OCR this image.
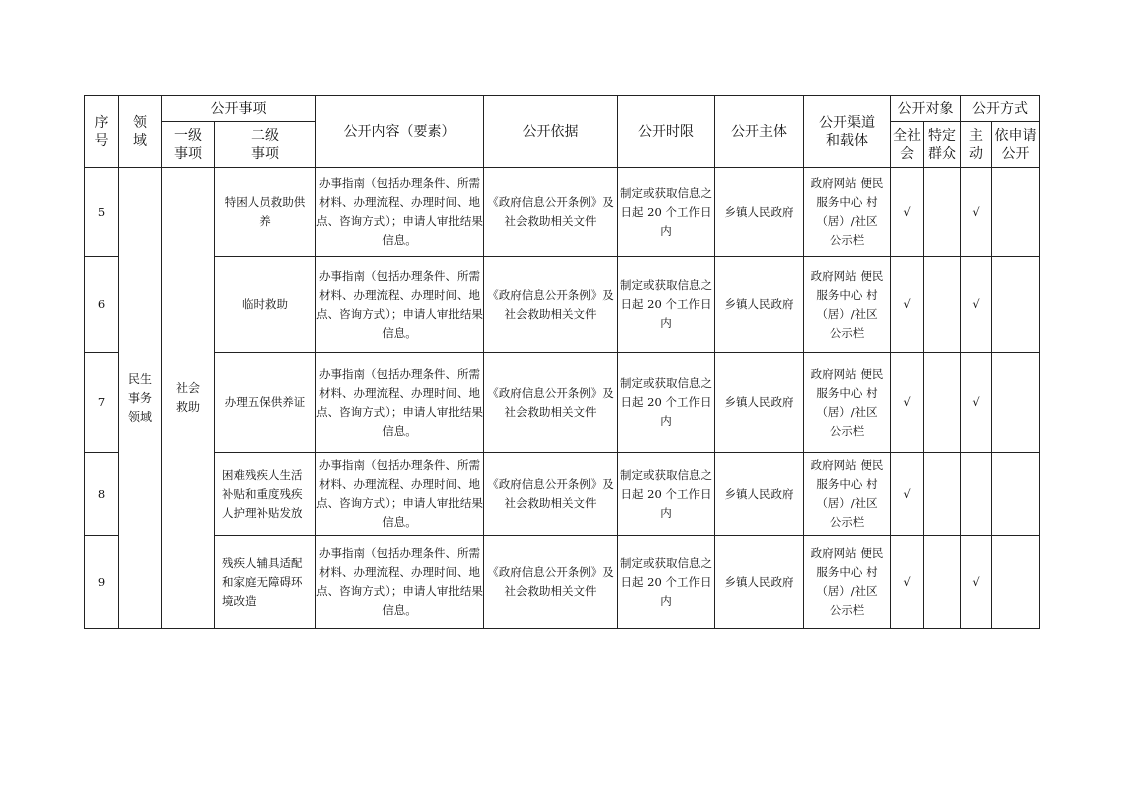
序号	领域	公开事项		公开内容（要素）	公开依据	公开时限	公开主体	公开渠道和载体	公开对象		公开方式	
		一级事项	二级事项						全社会	特定群众	主动	依申请公开
5	民生事务领域	社会救助	特困人员救助供养	办事指南（包括办理条件、所需材料、办理流程、办理时间、地点、咨询方式）；申请人审批结果信息。	《政府信息公开条例》及社会救助相关文件	制定或获取信息之日起 20 个工作日内	乡镇人民政府	政府网站 便民服务中心 村（居）/社区 公示栏	√		√	
6			临时救助	办事指南（包括办理条件、所需材料、办理流程、办理时间、地点、咨询方式）；申请人审批结果信息。	《政府信息公开条例》及社会救助相关文件	制定或获取信息之日起 20 个工作日内	乡镇人民政府	政府网站 便民服务中心 村（居）/社区 公示栏	√		√	
7			办理五保供养证	办事指南（包括办理条件、所需材料、办理流程、办理时间、地点、咨询方式）；申请人审批结果信息。	《政府信息公开条例》及社会救助相关文件	制定或获取信息之日起 20 个工作日内	乡镇人民政府	政府网站 便民服务中心 村（居）/社区 公示栏	√		√	
8			困难残疾人生活补贴和重度残疾人护理补贴发放	办事指南（包括办理条件、所需材料、办理流程、办理时间、地点、咨询方式）；申请人审批结果信息。	《政府信息公开条例》及社会救助相关文件	制定或获取信息之日起 20 个工作日内	乡镇人民政府	政府网站 便民服务中心 村（居）/社区 公示栏	√			
9			残疾人辅具适配和家庭无障碍环境改造	办事指南（包括办理条件、所需材料、办理流程、办理时间、地点、咨询方式）；申请人审批结果信息。	《政府信息公开条例》及社会救助相关文件	制定或获取信息之日起 20 个工作日内	乡镇人民政府	政府网站 便民服务中心 村（居）/社区 公示栏	√		√	
